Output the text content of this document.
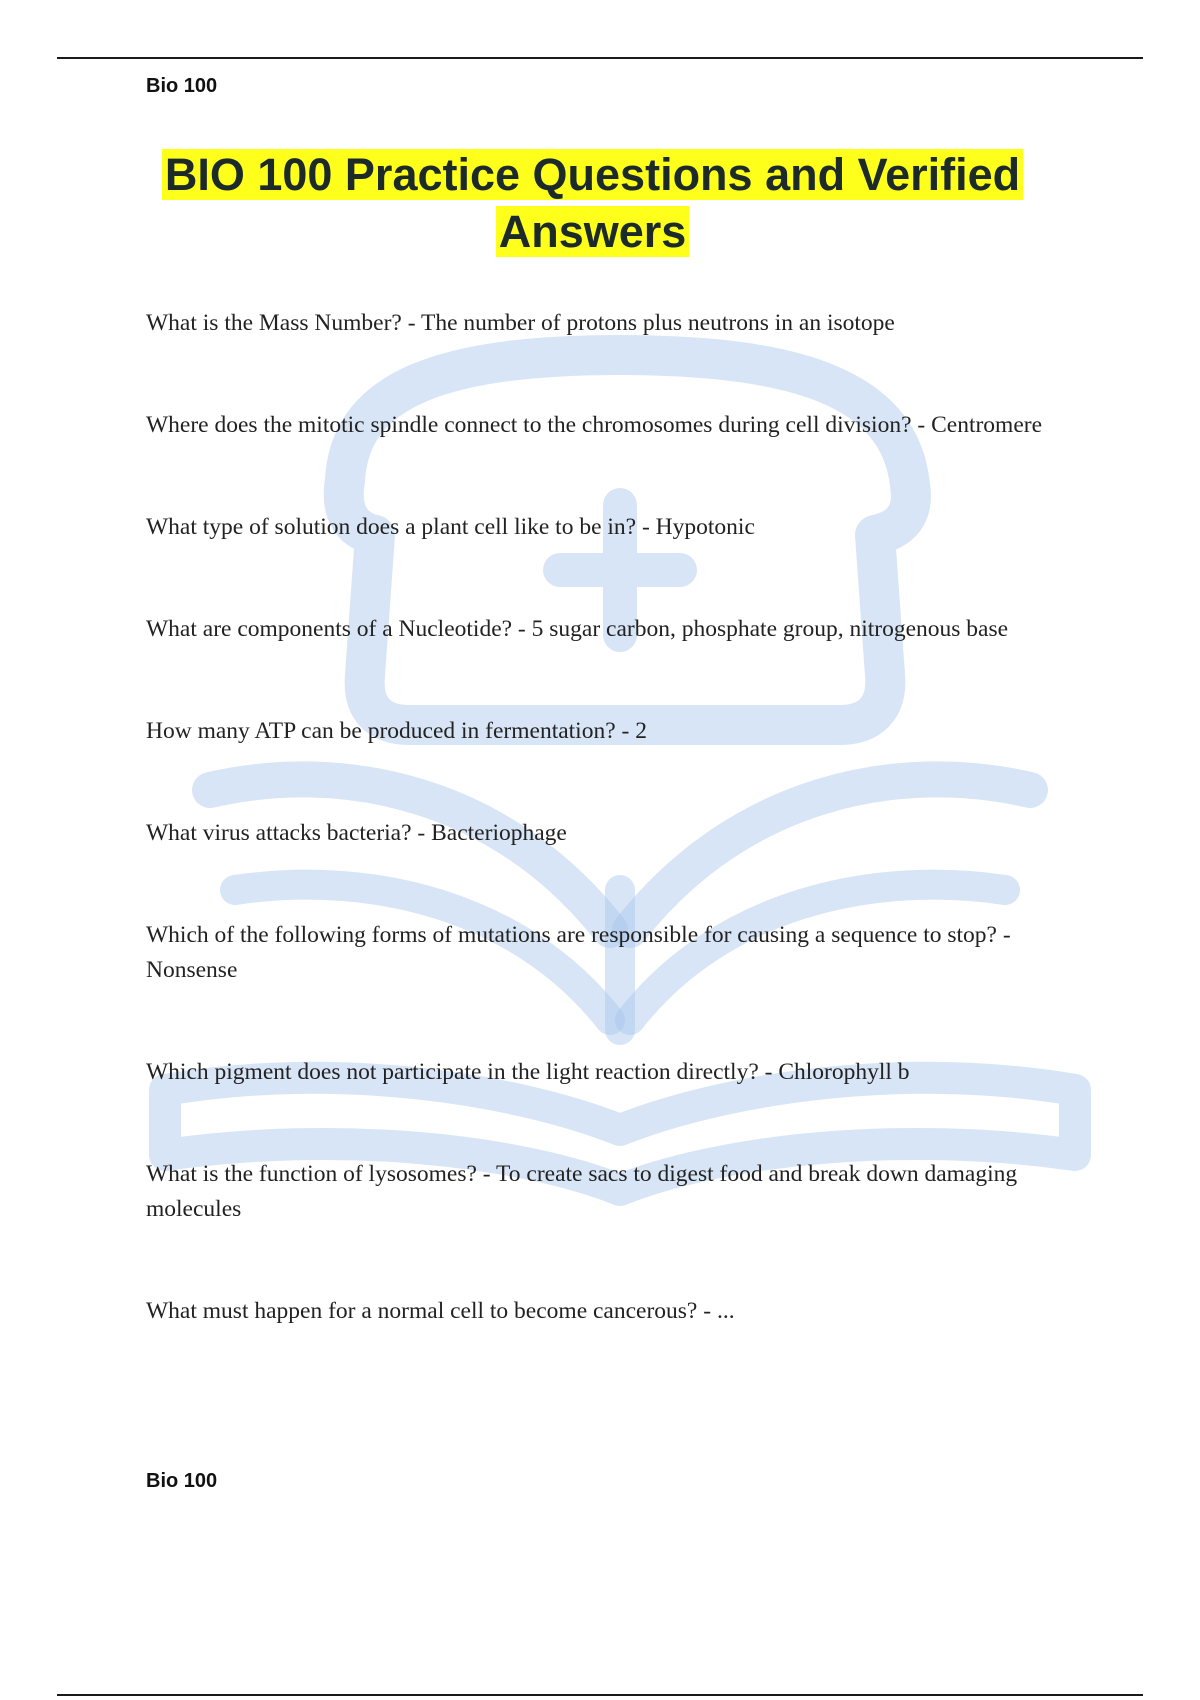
Bio 100
BIO 100 Practice Questions and Verified Answers

What is the Mass Number? - The number of protons plus neutrons in an isotope

Where does the mitotic spindle connect to the chromosomes during cell division? - Centromere

What type of solution does a plant cell like to be in? - Hypotonic

What are components of a Nucleotide? - 5 sugar carbon, phosphate group, nitrogenous base

How many ATP can be produced in fermentation? - 2

What virus attacks bacteria? - Bacteriophage

Which of the following forms of mutations are responsible for causing a sequence to stop? - Nonsense

Which pigment does not participate in the light reaction directly? - Chlorophyll b

What is the function of lysosomes? - To create sacs to digest food and break down damaging molecules

What must happen for a normal cell to become cancerous? - ...

Bio 100
